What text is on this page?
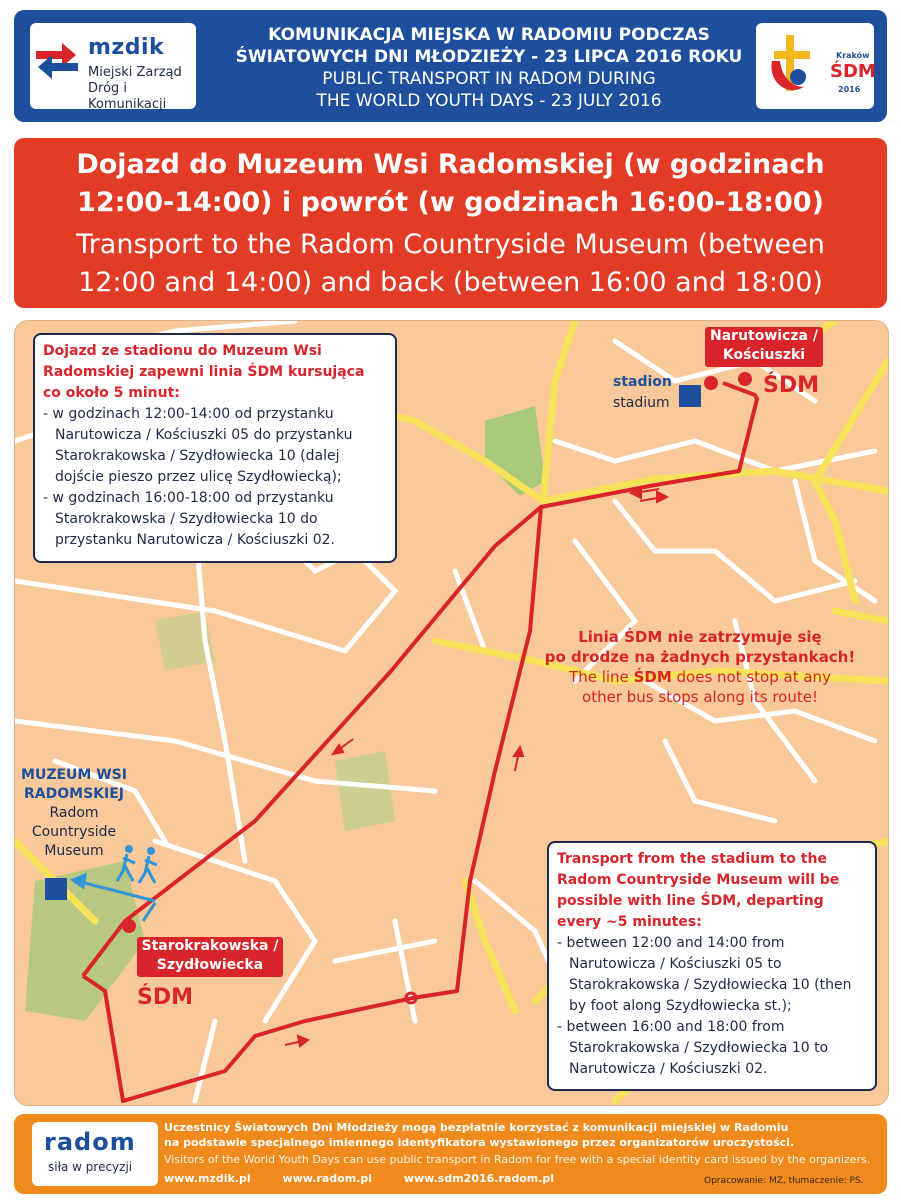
mzdik
Miejski Zarząd Dróg i Komunikacji
KOMUNIKACJA MIEJSKA W RADOMIU PODCZAS
ŚWIATOWYCH DNI MŁODZIEŻY - 23 LIPCA 2016 ROKU
PUBLIC TRANSPORT IN RADOM DURING
THE WORLD YOUTH DAYS - 23 JULY 2016
Kraków
ŚDM
2016
Dojazd do Muzeum Wsi Radomskiej (w godzinach
12:00-14:00) i powrót (w godzinach 16:00-18:00)
Transport to the Radom Countryside Museum (between
12:00 and 14:00) and back (between 16:00 and 18:00)
Dojazd ze stadionu do Muzeum Wsi Radomskiej zapewni linia ŚDM kursująca co około 5 minut:
- w godzinach 12:00-14:00 od przystanku Narutowicza / Kościuszki 05 do przystanku Starokrakowska / Szydłowiecka 10 (dalej dojście pieszo przez ulicę Szydłowiecką);
- w godzinach 16:00-18:00 od przystanku Starokrakowska / Szydłowiecka 10 do przystanku Narutowicza / Kościuszki 02.
Transport from the stadium to the Radom Countryside Museum will be possible with line ŚDM, departing every ~5 minutes:
- between 12:00 and 14:00 from Narutowicza / Kościuszki 05 to Starokrakowska / Szydłowiecka 10 (then by foot along Szydłowiecka st.);
- between 16:00 and 18:00 from Starokrakowska / Szydłowiecka 10 to Narutowicza / Kościuszki 02.
Narutowicza /
Kościuszki
ŚDM
stadion
stadium
MUZEUM WSI
RADOMSKIEJ
Radom
Countryside
Museum
Starokrakowska /
Szydłowiecka
ŚDM
Linia ŚDM nie zatrzymuje się
po drodze na żadnych przystankach!
The line ŚDM does not stop at any
other bus stops along its route!
radom
siła w precyzji
Uczestnicy Światowych Dni Młodzieży mogą bezpłatnie korzystać z komunikacji miejskiej w Radomiu
na podstawie specjalnego imiennego identyfikatora wystawionego przez organizatorów uroczystości.
Visitors of the World Youth Days can use public transport in Radom for free with a special identity card issued by the organizers.
www.mzdik.pl	www.radom.pl	www.sdm2016.radom.pl	Opracowanie: MZ, tłumaczenie: PS.
